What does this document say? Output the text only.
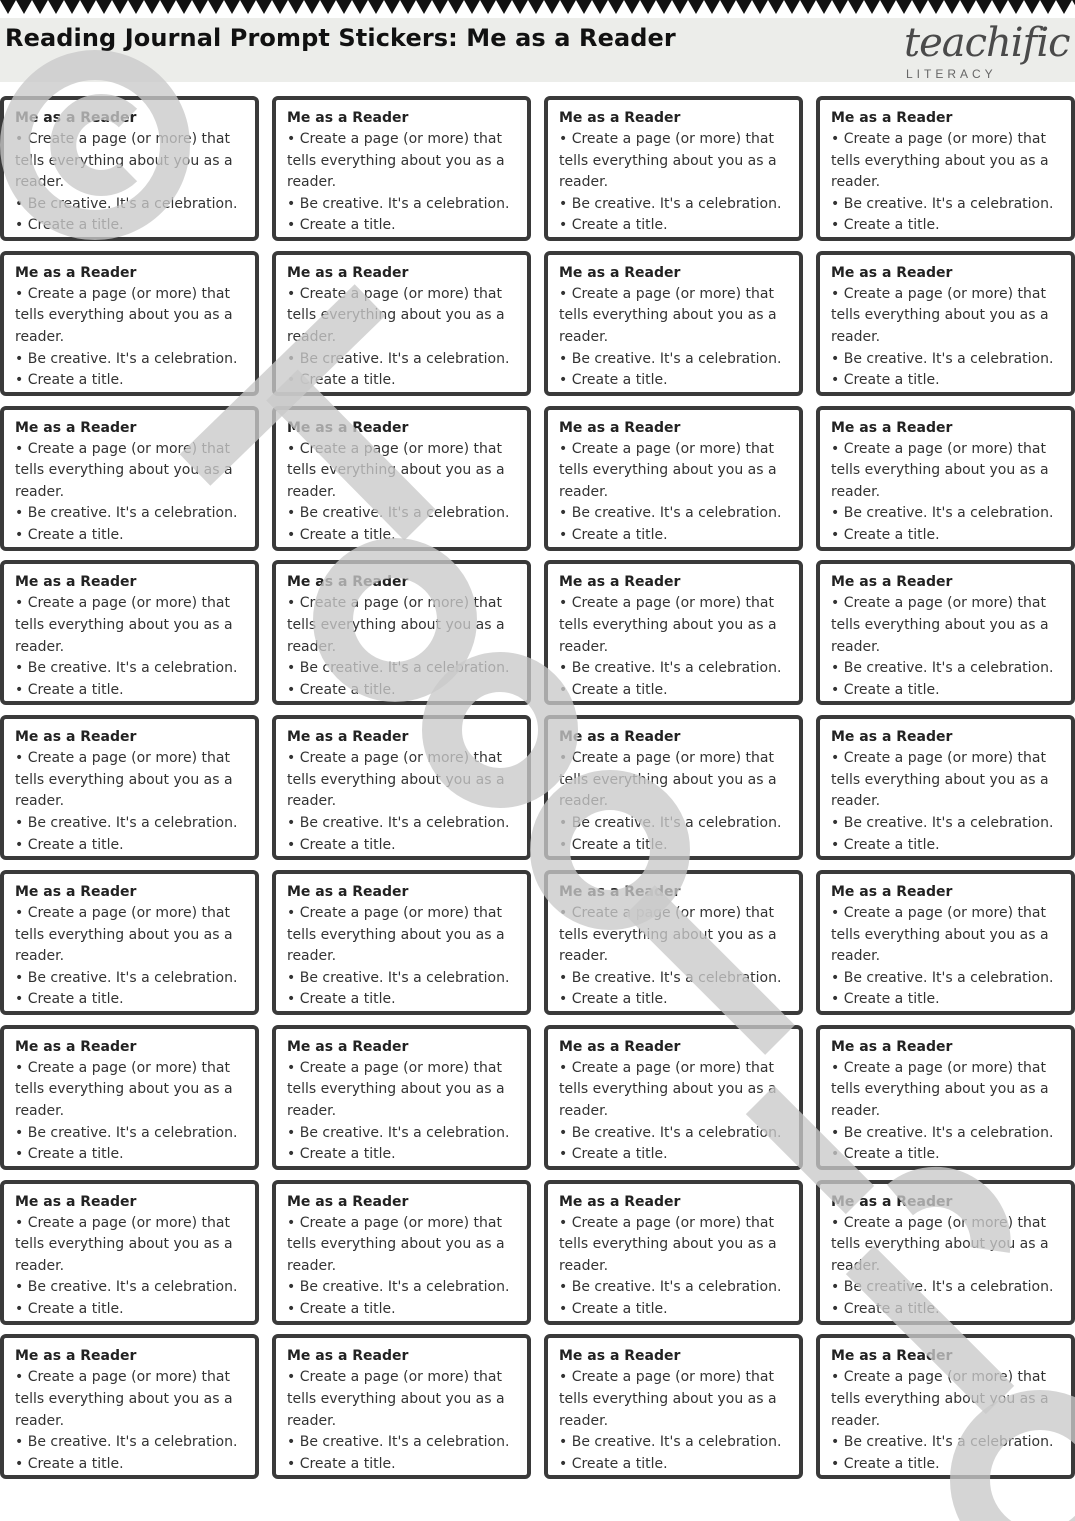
Reading Journal Prompt Stickers: Me as a Reader	teachific
LITERACY
Me as a Reader
• Create a page (or more) that
tells everything about you as a
reader.
• Be creative. It's a celebration.
• Create a title.
Me as a Reader
• Create a page (or more) that
tells everything about you as a
reader.
• Be creative. It's a celebration.
• Create a title.
Me as a Reader
• Create a page (or more) that
tells everything about you as a
reader.
• Be creative. It's a celebration.
• Create a title.
Me as a Reader
• Create a page (or more) that
tells everything about you as a
reader.
• Be creative. It's a celebration.
• Create a title.
Me as a Reader
• Create a page (or more) that
tells everything about you as a
reader.
• Be creative. It's a celebration.
• Create a title.
Me as a Reader
• Create a page (or more) that
tells everything about you as a
reader.
• Be creative. It's a celebration.
• Create a title.
Me as a Reader
• Create a page (or more) that
tells everything about you as a
reader.
• Be creative. It's a celebration.
• Create a title.
Me as a Reader
• Create a page (or more) that
tells everything about you as a
reader.
• Be creative. It's a celebration.
• Create a title.
Me as a Reader
• Create a page (or more) that
tells everything about you as a
reader.
• Be creative. It's a celebration.
• Create a title.
Me as a Reader
• Create a page (or more) that
tells everything about you as a
reader.
• Be creative. It's a celebration.
• Create a title.
Me as a Reader
• Create a page (or more) that
tells everything about you as a
reader.
• Be creative. It's a celebration.
• Create a title.
Me as a Reader
• Create a page (or more) that
tells everything about you as a
reader.
• Be creative. It's a celebration.
• Create a title.
Me as a Reader
• Create a page (or more) that
tells everything about you as a
reader.
• Be creative. It's a celebration.
• Create a title.
Me as a Reader
• Create a page (or more) that
tells everything about you as a
reader.
• Be creative. It's a celebration.
• Create a title.
Me as a Reader
• Create a page (or more) that
tells everything about you as a
reader.
• Be creative. It's a celebration.
• Create a title.
Me as a Reader
• Create a page (or more) that
tells everything about you as a
reader.
• Be creative. It's a celebration.
• Create a title.
Me as a Reader
• Create a page (or more) that
tells everything about you as a
reader.
• Be creative. It's a celebration.
• Create a title.
Me as a Reader
• Create a page (or more) that
tells everything about you as a
reader.
• Be creative. It's a celebration.
• Create a title.
Me as a Reader
• Create a page (or more) that
tells everything about you as a
reader.
• Be creative. It's a celebration.
• Create a title.
Me as a Reader
• Create a page (or more) that
tells everything about you as a
reader.
• Be creative. It's a celebration.
• Create a title.
Me as a Reader
• Create a page (or more) that
tells everything about you as a
reader.
• Be creative. It's a celebration.
• Create a title.
Me as a Reader
• Create a page (or more) that
tells everything about you as a
reader.
• Be creative. It's a celebration.
• Create a title.
Me as a Reader
• Create a page (or more) that
tells everything about you as a
reader.
• Be creative. It's a celebration.
• Create a title.
Me as a Reader
• Create a page (or more) that
tells everything about you as a
reader.
• Be creative. It's a celebration.
• Create a title.
Me as a Reader
• Create a page (or more) that
tells everything about you as a
reader.
• Be creative. It's a celebration.
• Create a title.
Me as a Reader
• Create a page (or more) that
tells everything about you as a
reader.
• Be creative. It's a celebration.
• Create a title.
Me as a Reader
• Create a page (or more) that
tells everything about you as a
reader.
• Be creative. It's a celebration.
• Create a title.
Me as a Reader
• Create a page (or more) that
tells everything about you as a
reader.
• Be creative. It's a celebration.
• Create a title.
Me as a Reader
• Create a page (or more) that
tells everything about you as a
reader.
• Be creative. It's a celebration.
• Create a title.
Me as a Reader
• Create a page (or more) that
tells everything about you as a
reader.
• Be creative. It's a celebration.
• Create a title.
Me as a Reader
• Create a page (or more) that
tells everything about you as a
reader.
• Be creative. It's a celebration.
• Create a title.
Me as a Reader
• Create a page (or more) that
tells everything about you as a
reader.
• Be creative. It's a celebration.
• Create a title.
Me as a Reader
• Create a page (or more) that
tells everything about you as a
reader.
• Be creative. It's a celebration.
• Create a title.
Me as a Reader
• Create a page (or more) that
tells everything about you as a
reader.
• Be creative. It's a celebration.
• Create a title.
Me as a Reader
• Create a page (or more) that
tells everything about you as a
reader.
• Be creative. It's a celebration.
• Create a title.
Me as a Reader
• Create a page (or more) that
tells everything about you as a
reader.
• Be creative. It's a celebration.
• Create a title.
